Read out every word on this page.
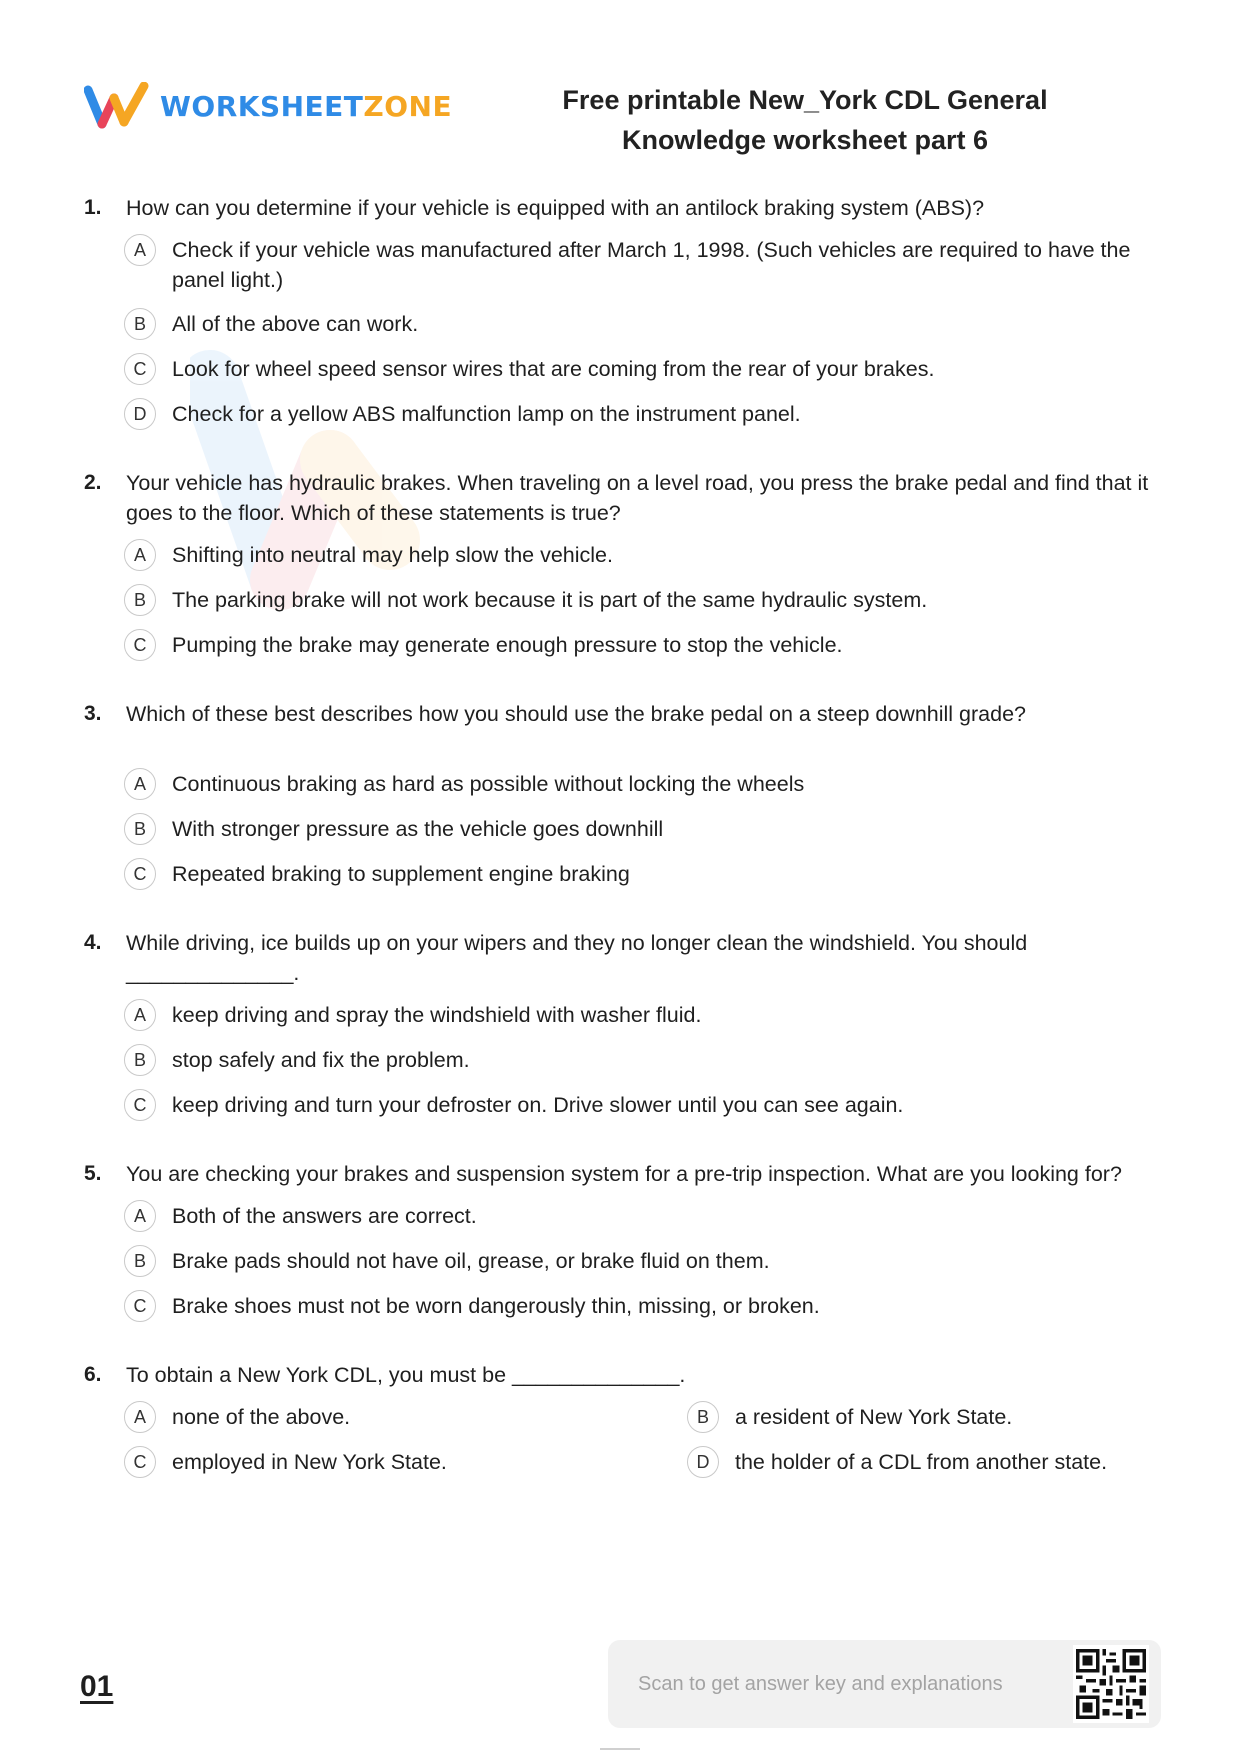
WORKSHEETZONE	Free printable New_York CDL General
Knowledge worksheet part 6
1.	How can you determine if your vehicle is equipped with an antilock braking system (ABS)?
A	Check if your vehicle was manufactured after March 1, 1998. (Such vehicles are required to have the panel light.)
B	All of the above can work.
C	Look for wheel speed sensor wires that are coming from the rear of your brakes.
D	Check for a yellow ABS malfunction lamp on the instrument panel.
2.	Your vehicle has hydraulic brakes. When traveling on a level road, you press the brake pedal and find that it goes to the floor. Which of these statements is true?
A	Shifting into neutral may help slow the vehicle.
B	The parking brake will not work because it is part of the same hydraulic system.
C	Pumping the brake may generate enough pressure to stop the vehicle.
3.	Which of these best describes how you should use the brake pedal on a steep downhill grade?
A	Continuous braking as hard as possible without locking the wheels
B	With stronger pressure as the vehicle goes downhill
C	Repeated braking to supplement engine braking
4.	While driving, ice builds up on your wipers and they no longer clean the windshield. You should ______________.
A	keep driving and spray the windshield with washer fluid.
B	stop safely and fix the problem.
C	keep driving and turn your defroster on. Drive slower until you can see again.
5.	You are checking your brakes and suspension system for a pre-trip inspection. What are you looking for?
A	Both of the answers are correct.
B	Brake pads should not have oil, grease, or brake fluid on them.
C	Brake shoes must not be worn dangerously thin, missing, or broken.
6.	To obtain a New York CDL, you must be ______________.
A	none of the above.	B	a resident of New York State.
C	employed in New York State.	D	the holder of a CDL from another state.
01	Scan to get answer key and explanations
